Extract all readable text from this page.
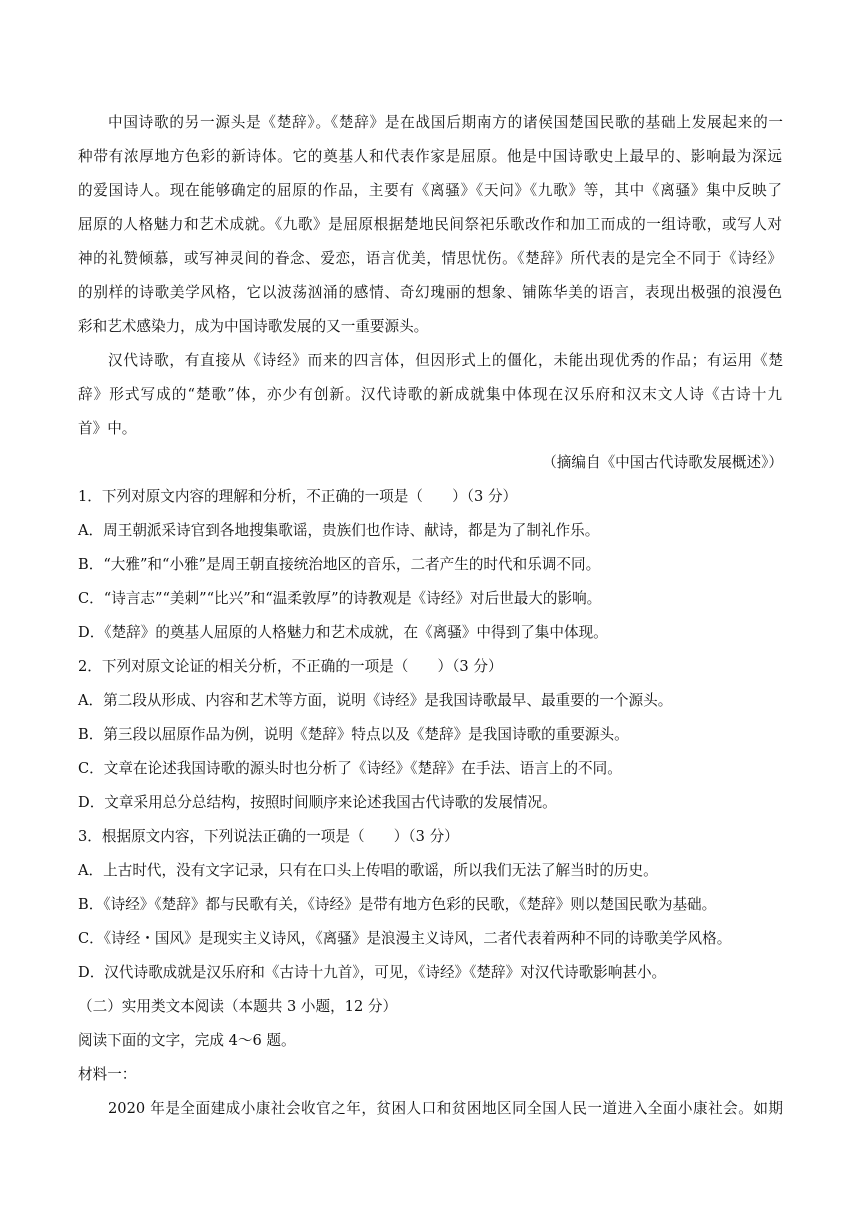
中国诗歌的另一源头是《楚辞》。《楚辞》是在战国后期南方的诸侯国楚国民歌的基础上发展起来的一
种带有浓厚地方色彩的新诗体。它的奠基人和代表作家是屈原。他是中国诗歌史上最早的、影响最为深远
的爱国诗人。现在能够确定的屈原的作品，主要有《离骚》《天问》《九歌》等，其中《离骚》集中反映了
屈原的人格魅力和艺术成就。《九歌》是屈原根据楚地民间祭祀乐歌改作和加工而成的一组诗歌，或写人对
神的礼赞倾慕，或写神灵间的眷念、爱恋，语言优美，情思忧伤。《楚辞》所代表的是完全不同于《诗经》
的别样的诗歌美学风格，它以波荡汹涌的感情、奇幻瑰丽的想象、铺陈华美的语言，表现出极强的浪漫色
彩和艺术感染力，成为中国诗歌发展的又一重要源头。
汉代诗歌，有直接从《诗经》而来的四言体，但因形式上的僵化，未能出现优秀的作品；有运用《楚
辞》形式写成的“楚歌”体，亦少有创新。汉代诗歌的新成就集中体现在汉乐府和汉末文人诗《古诗十九
首》中。
（摘编自《中国古代诗歌发展概述》）
1．下列对原文内容的理解和分析，不正确的一项是（　　）（3 分）
A．周王朝派采诗官到各地搜集歌谣，贵族们也作诗、献诗，都是为了制礼作乐。
B．“大雅”和“小雅”是周王朝直接统治地区的音乐，二者产生的时代和乐调不同。
C．“诗言志”“美刺”“比兴”和“温柔敦厚”的诗教观是《诗经》对后世最大的影响。
D．《楚辞》的奠基人屈原的人格魅力和艺术成就，在《离骚》中得到了集中体现。
2．下列对原文论证的相关分析，不正确的一项是（　　）（3 分）
A．第二段从形成、内容和艺术等方面，说明《诗经》是我国诗歌最早、最重要的一个源头。
B．第三段以屈原作品为例，说明《楚辞》特点以及《楚辞》是我国诗歌的重要源头。
C．文章在论述我国诗歌的源头时也分析了《诗经》《楚辞》在手法、语言上的不同。
D．文章采用总分总结构，按照时间顺序来论述我国古代诗歌的发展情况。
3．根据原文内容，下列说法正确的一项是（　　）（3 分）
A．上古时代，没有文字记录，只有在口头上传唱的歌谣，所以我们无法了解当时的历史。
B．《诗经》《楚辞》都与民歌有关，《诗经》是带有地方色彩的民歌，《楚辞》则以楚国民歌为基础。
C．《诗经・国风》是现实主义诗风，《离骚》是浪漫主义诗风，二者代表着两种不同的诗歌美学风格。
D．汉代诗歌成就是汉乐府和《古诗十九首》，可见，《诗经》《楚辞》对汉代诗歌影响甚小。
（二）实用类文本阅读（本题共 3 小题，12 分）
阅读下面的文字，完成 4～6 题。
材料一：
2020 年是全面建成小康社会收官之年，贫困人口和贫困地区同全国人民一道进入全面小康社会。如期
